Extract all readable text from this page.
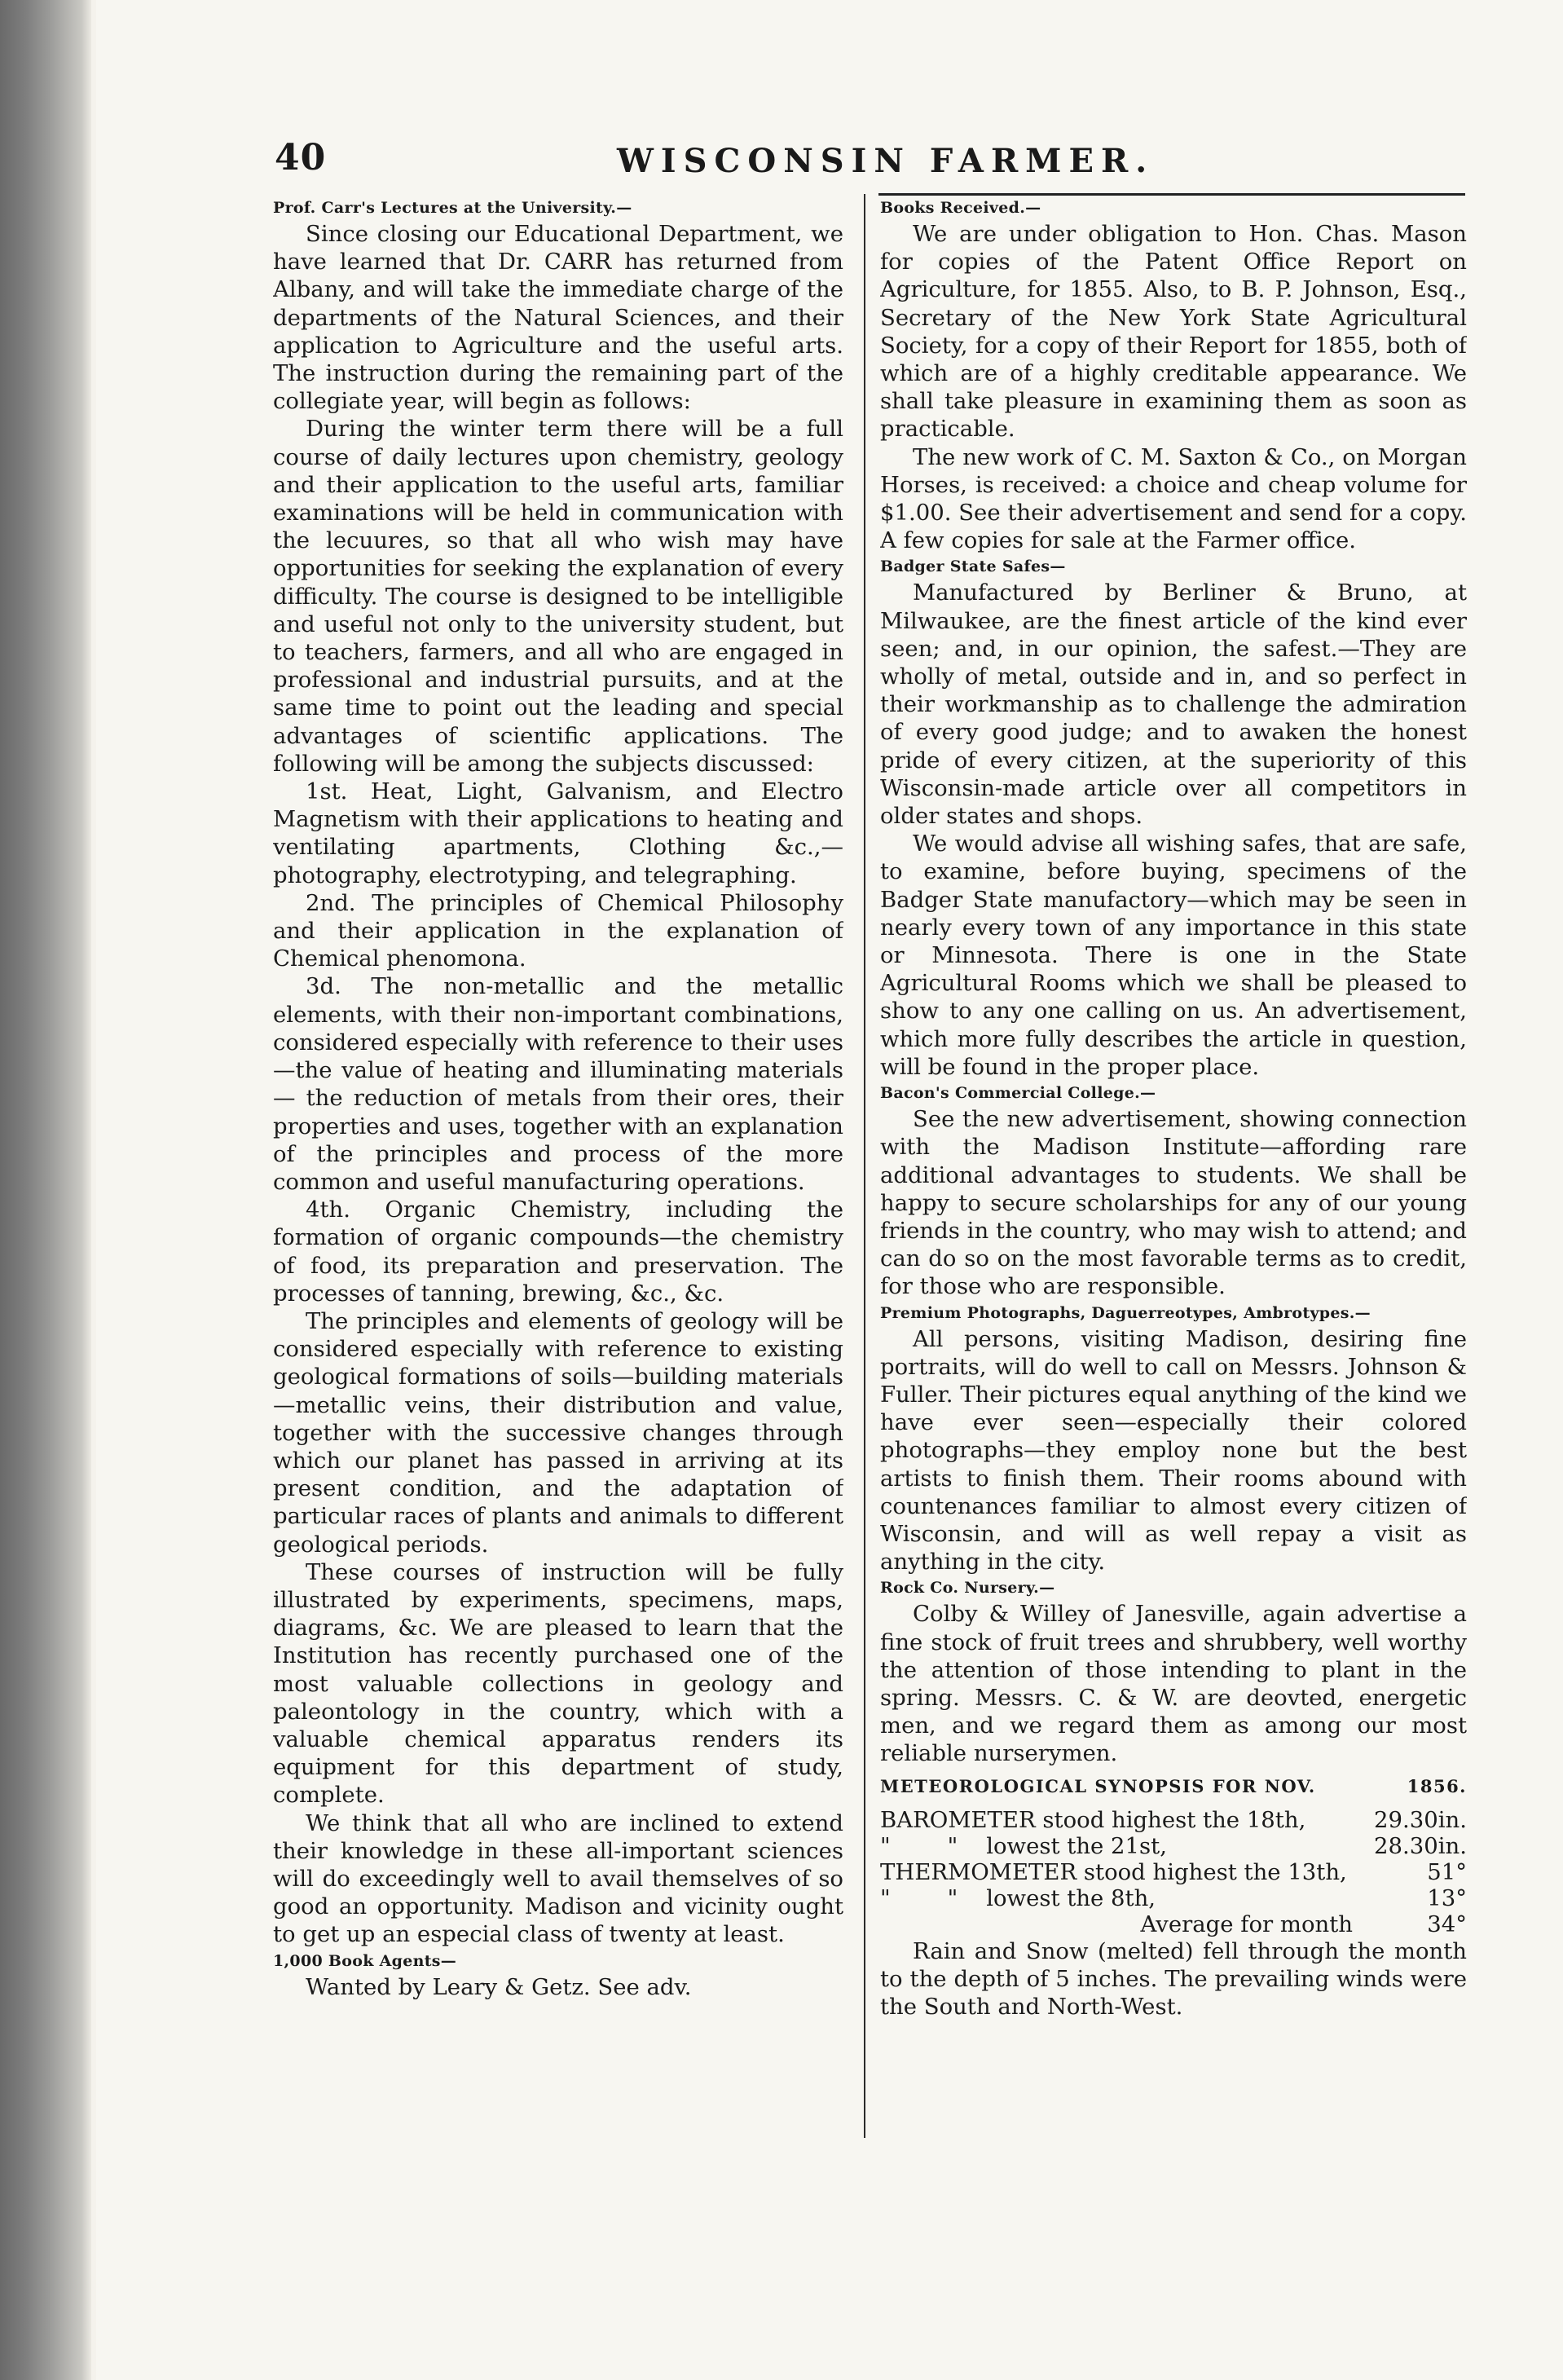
40	WISCONSIN FARMER.
Prof. Carr's Lectures at the University.—

Since closing our Educational Department, we have learned that Dr. CARR has returned from Albany, and will take the immediate charge of the departments of the Natural Sciences, and their application to Agriculture and the useful arts. The instruction during the remaining part of the collegiate year, will begin as follows:

During the winter term there will be a full course of daily lectures upon chemistry, geology and their application to the useful arts, familiar examinations will be held in communication with the lecuures, so that all who wish may have opportunities for seeking the explanation of every difficulty. The course is designed to be intelligible and useful not only to the university student, but to teachers, farmers, and all who are engaged in professional and industrial pursuits, and at the same time to point out the leading and special advantages of scientific applications. The following will be among the subjects discussed:

1st. Heat, Light, Galvanism, and Electro Magnetism with their applications to heating and ventilating apartments, Clothing &c.,—photography, electrotyping, and telegraphing.

2nd. The principles of Chemical Philosophy and their application in the explanation of Chemical phenomona.

3d. The non-metallic and the metallic elements, with their non-important combinations, considered especially with reference to their uses—the value of heating and illuminating materials — the reduction of metals from their ores, their properties and uses, together with an explanation of the principles and process of the more common and useful manufacturing operations.

4th. Organic Chemistry, including the formation of organic compounds—the chemistry of food, its preparation and preservation. The processes of tanning, brewing, &c., &c.

The principles and elements of geology will be considered especially with reference to existing geological formations of soils—building materials—metallic veins, their distribution and value, together with the successive changes through which our planet has passed in arriving at its present condition, and the adaptation of particular races of plants and animals to different geological periods.

These courses of instruction will be fully illustrated by experiments, specimens, maps, diagrams, &c. We are pleased to learn that the Institution has recently purchased one of the most valuable collections in geology and paleontology in the country, which with a valuable chemical apparatus renders its equipment for this department of study, complete.

We think that all who are inclined to extend their knowledge in these all-important sciences will do exceedingly well to avail themselves of so good an opportunity. Madison and vicinity ought to get up an especial class of twenty at least.

1,000 Book Agents—

Wanted by Leary & Getz. See adv.

Books Received.—

We are under obligation to Hon. Chas. Mason for copies of the Patent Office Report on Agriculture, for 1855. Also, to B. P. Johnson, Esq., Secretary of the New York State Agricultural Society, for a copy of their Report for 1855, both of which are of a highly creditable appearance. We shall take pleasure in examining them as soon as practicable.

The new work of C. M. Saxton & Co., on Morgan Horses, is received: a choice and cheap volume for $1.00. See their advertisement and send for a copy. A few copies for sale at the Farmer office.

Badger State Safes—

Manufactured by Berliner & Bruno, at Milwaukee, are the finest article of the kind ever seen; and, in our opinion, the safest.—They are wholly of metal, outside and in, and so perfect in their workmanship as to challenge the admiration of every good judge; and to awaken the honest pride of every citizen, at the superiority of this Wisconsin-made article over all competitors in older states and shops.

We would advise all wishing safes, that are safe, to examine, before buying, specimens of the Badger State manufactory—which may be seen in nearly every town of any importance in this state or Minnesota. There is one in the State Agricultural Rooms which we shall be pleased to show to any one calling on us. An advertisement, which more fully describes the article in question, will be found in the proper place.

Bacon's Commercial College.—

See the new advertisement, showing connection with the Madison Institute—affording rare additional advantages to students. We shall be happy to secure scholarships for any of our young friends in the country, who may wish to attend; and can do so on the most favorable terms as to credit, for those who are responsible.

Premium Photographs, Daguerreotypes, Ambrotypes.—

All persons, visiting Madison, desiring fine portraits, will do well to call on Messrs. Johnson & Fuller. Their pictures equal anything of the kind we have ever seen—especially their colored photographs—they employ none but the best artists to finish them. Their rooms abound with countenances familiar to almost every citizen of Wisconsin, and will as well repay a visit as anything in the city.

Rock Co. Nursery.—

Colby & Willey of Janesville, again advertise a fine stock of fruit trees and shrubbery, well worthy the attention of those intending to plant in the spring. Messrs. C. & W. are deovted, energetic men, and we regard them as among our most reliable nurserymen.

METEOROLOGICAL SYNOPSIS FOR NOV.	1856.
BAROMETER stood highest the 18th,	29.30in.
"        "    lowest the 21st,	28.30in.
THERMOMETER stood highest the 13th,	51°
"        "    lowest the 8th,	13°
Average for month	34°

Rain and Snow (melted) fell through the month to the depth of 5 inches. The prevailing winds were the South and North-West.
